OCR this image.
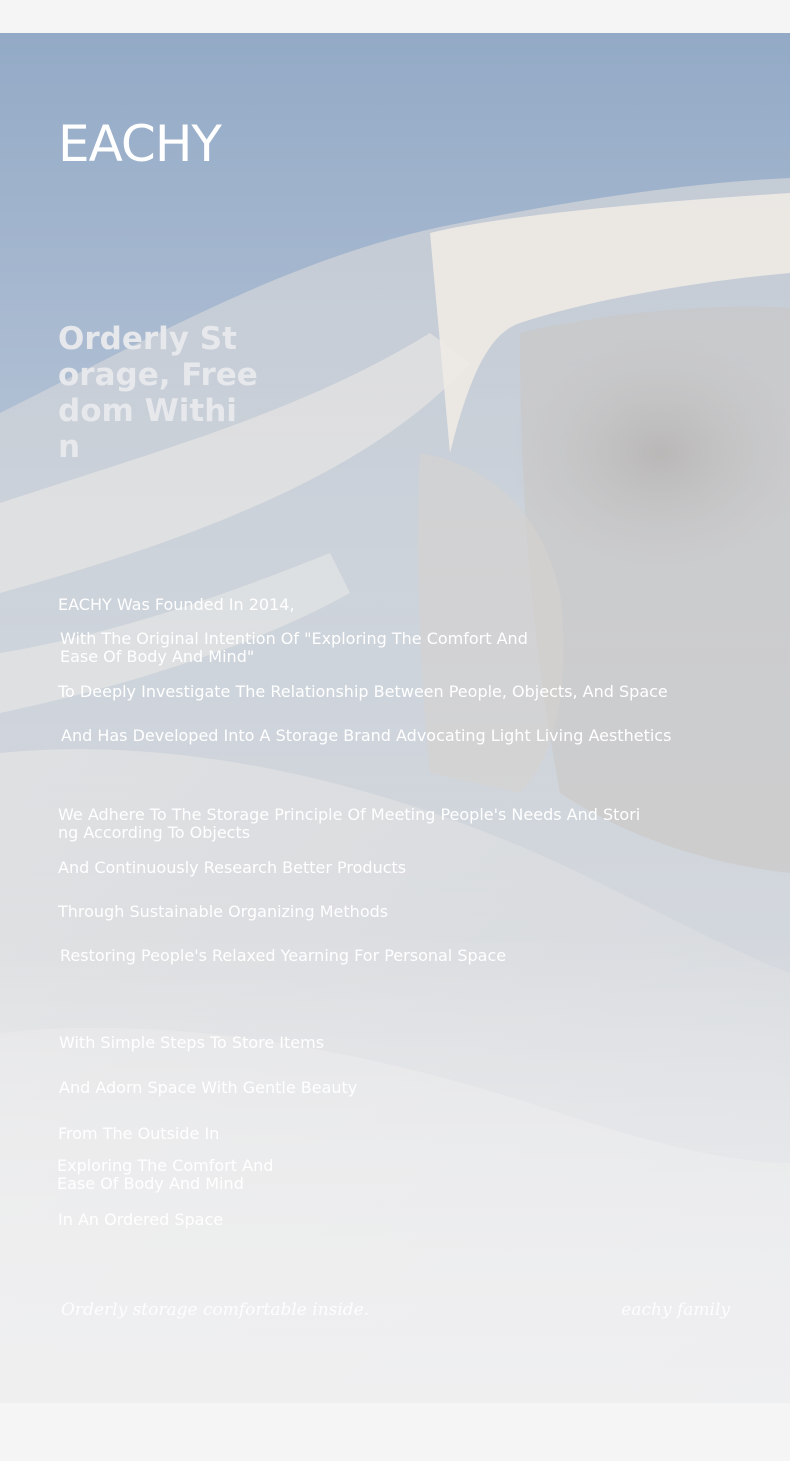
EACHY
Orderly Storage, Freedom Within

EACHY Was Founded In 2014,

With The Original Intention Of "Exploring The Comfort And Ease Of Body And Mind"

To Deeply Investigate The Relationship Between People, Objects, And Space

And Has Developed Into A Storage Brand Advocating Light Living Aesthetics

We Adhere To The Storage Principle Of Meeting People's Needs And Storing According To Objects

And Continuously Research Better Products

Through Sustainable Organizing Methods

Restoring People's Relaxed Yearning For Personal Space

With Simple Steps To Store Items

And Adorn Space With Gentle Beauty

From The Outside In

Exploring The Comfort And Ease Of Body And Mind

In An Ordered Space

Orderly storage comfortable inside.	eachy family
